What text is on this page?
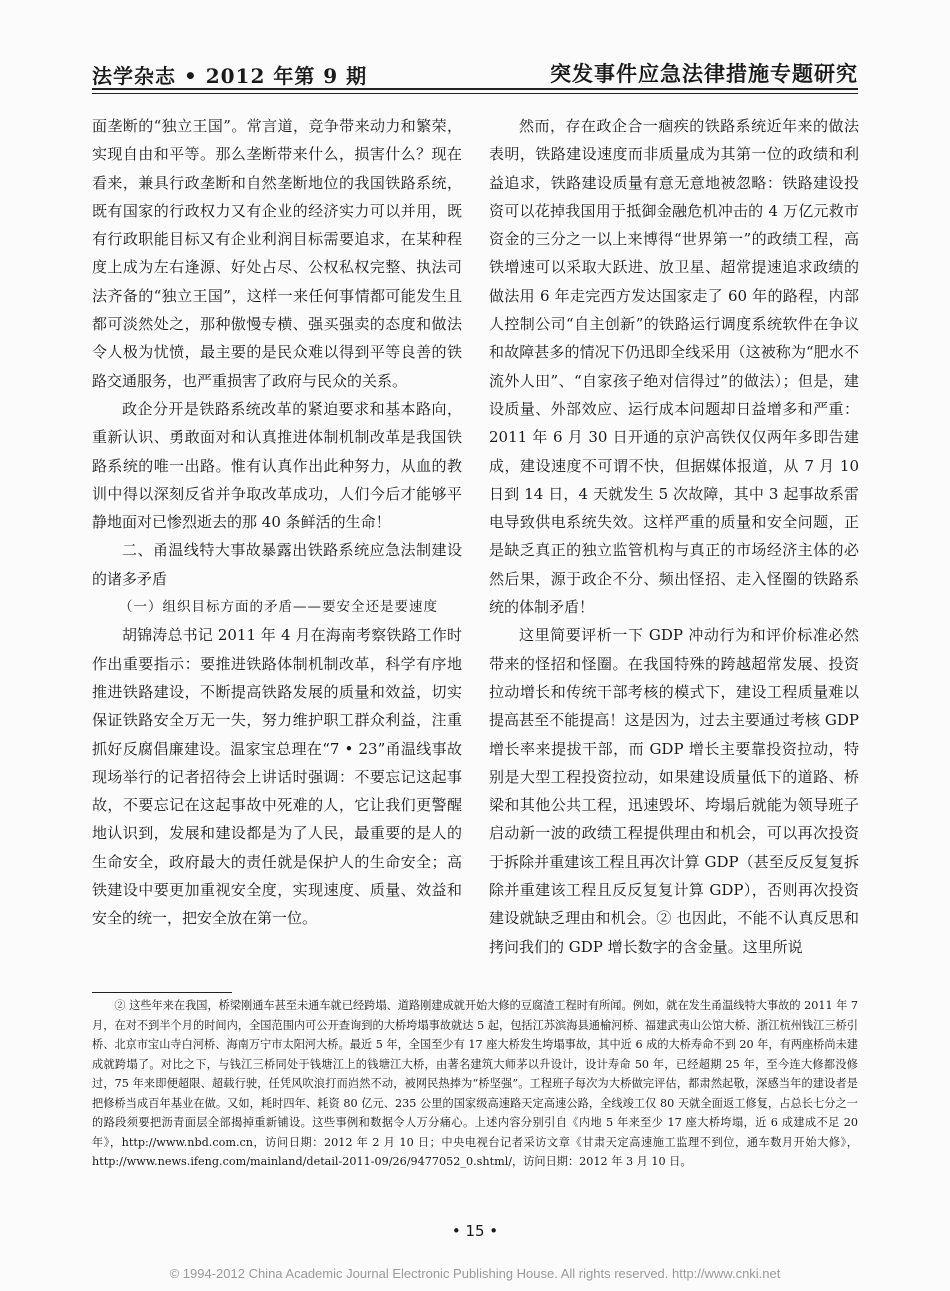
法学杂志 • 2012 年第 9 期	突发事件应急法律措施专题研究

面垄断的“独立王国”。常言道，竞争带来动力和繁荣，实现自由和平等。那么垄断带来什么，损害什么？现在看来，兼具行政垄断和自然垄断地位的我国铁路系统，既有国家的行政权力又有企业的经济实力可以并用，既有行政职能目标又有企业利润目标需要追求，在某种程度上成为左右逢源、好处占尽、公权私权完整、执法司法齐备的“独立王国”，这样一来任何事情都可能发生且都可淡然处之，那种傲慢专横、强买强卖的态度和做法令人极为忧愤，最主要的是民众难以得到平等良善的铁路交通服务，也严重损害了政府与民众的关系。

政企分开是铁路系统改革的紧迫要求和基本路向，重新认识、勇敢面对和认真推进体制机制改革是我国铁路系统的唯一出路。惟有认真作出此种努力，从血的教训中得以深刻反省并争取改革成功，人们今后才能够平静地面对已惨烈逝去的那 40 条鲜活的生命！

二、甬温线特大事故暴露出铁路系统应急法制建设的诸多矛盾

（一）组织目标方面的矛盾——要安全还是要速度

胡锦涛总书记 2011 年 4 月在海南考察铁路工作时作出重要指示：要推进铁路体制机制改革，科学有序地推进铁路建设，不断提高铁路发展的质量和效益，切实保证铁路安全万无一失，努力维护职工群众利益，注重抓好反腐倡廉建设。温家宝总理在“7 • 23”甬温线事故现场举行的记者招待会上讲话时强调：不要忘记这起事故，不要忘记在这起事故中死难的人，它让我们更警醒地认识到，发展和建设都是为了人民，最重要的是人的生命安全，政府最大的责任就是保护人的生命安全；高铁建设中要更加重视安全度，实现速度、质量、效益和安全的统一，把安全放在第一位。

然而，存在政企合一痼疾的铁路系统近年来的做法表明，铁路建设速度而非质量成为其第一位的政绩和利益追求，铁路建设质量有意无意地被忽略：铁路建设投资可以花掉我国用于抵御金融危机冲击的 4 万亿元救市资金的三分之一以上来博得“世界第一”的政绩工程，高铁增速可以采取大跃进、放卫星、超常提速追求政绩的做法用 6 年走完西方发达国家走了 60 年的路程，内部人控制公司“自主创新”的铁路运行调度系统软件在争议和故障甚多的情况下仍迅即全线采用（这被称为“肥水不流外人田”、“自家孩子绝对信得过”的做法）；但是，建设质量、外部效应、运行成本问题却日益增多和严重：2011 年 6 月 30 日开通的京沪高铁仅仅两年多即告建成，建设速度不可谓不快，但据媒体报道，从 7 月 10 日到 14 日，4 天就发生 5 次故障，其中 3 起事故系雷电导致供电系统失效。这样严重的质量和安全问题，正是缺乏真正的独立监管机构与真正的市场经济主体的必然后果，源于政企不分、频出怪招、走入怪圈的铁路系统的体制矛盾！

这里简要评析一下 GDP 冲动行为和评价标准必然带来的怪招和怪圈。在我国特殊的跨越超常发展、投资拉动增长和传统干部考核的模式下，建设工程质量难以提高甚至不能提高！这是因为，过去主要通过考核 GDP 增长率来提拔干部，而 GDP 增长主要靠投资拉动，特别是大型工程投资拉动，如果建设质量低下的道路、桥梁和其他公共工程，迅速毁坏、垮塌后就能为领导班子启动新一波的政绩工程提供理由和机会，可以再次投资于拆除并重建该工程且再次计算 GDP（甚至反反复复拆除并重建该工程且反反复复计算 GDP），否则再次投资建设就缺乏理由和机会。② 也因此，不能不认真反思和拷问我们的 GDP 增长数字的含金量。这里所说

② 这些年来在我国，桥梁刚通车甚至未通车就已经跨塌、道路刚建成就开始大修的豆腐渣工程时有所闻。例如，就在发生甬温线特大事故的 2011 年 7 月，在对不到半个月的时间内，全国范围内可公开查询到的大桥垮塌事故就达 5 起，包括江苏滨海县通榆河桥、福建武夷山公馆大桥、浙江杭州钱江三桥引桥、北京市宝山寺白河桥、海南万宁市太阳河大桥。最近 5 年，全国至少有 17 座大桥发生垮塌事故，其中近 6 成的大桥寿命不到 20 年，有两座桥尚未建成就跨塌了。对比之下，与钱江三桥同处于钱塘江上的钱塘江大桥，由著名建筑大师茅以升设计，设计寿命 50 年，已经超期 25 年，至今连大修都没修过，75 年来即便超限、超载行驶，任凭风吹浪打而岿然不动，被网民热捧为“桥坚强”。工程班子每次为大桥做完评估，都肃然起敬，深感当年的建设者是把修桥当成百年基业在做。又如，耗时四年、耗资 80 亿元、235 公里的国家级高速路天定高速公路，全线竣工仅 80 天就全面返工修复，占总长七分之一的路段须要把沥青面层全部揭掉重新铺设。这些事例和数据令人万分痛心。上述内容分别引自《内地 5 年来至少 17 座大桥垮塌，近 6 成建成不足 20 年》，http://www.nbd.com.cn，访问日期：2012 年 2 月 10 日；中央电视台记者采访文章《甘肃天定高速施工监理不到位，通车数月开始大修》，http://www.news.ifeng.com/mainland/detail-2011-09/26/9477052_0.shtml/，访问日期：2012 年 3 月 10 日。

• 15 •
© 1994-2012 China Academic Journal Electronic Publishing House. All rights reserved. http://www.cnki.net
